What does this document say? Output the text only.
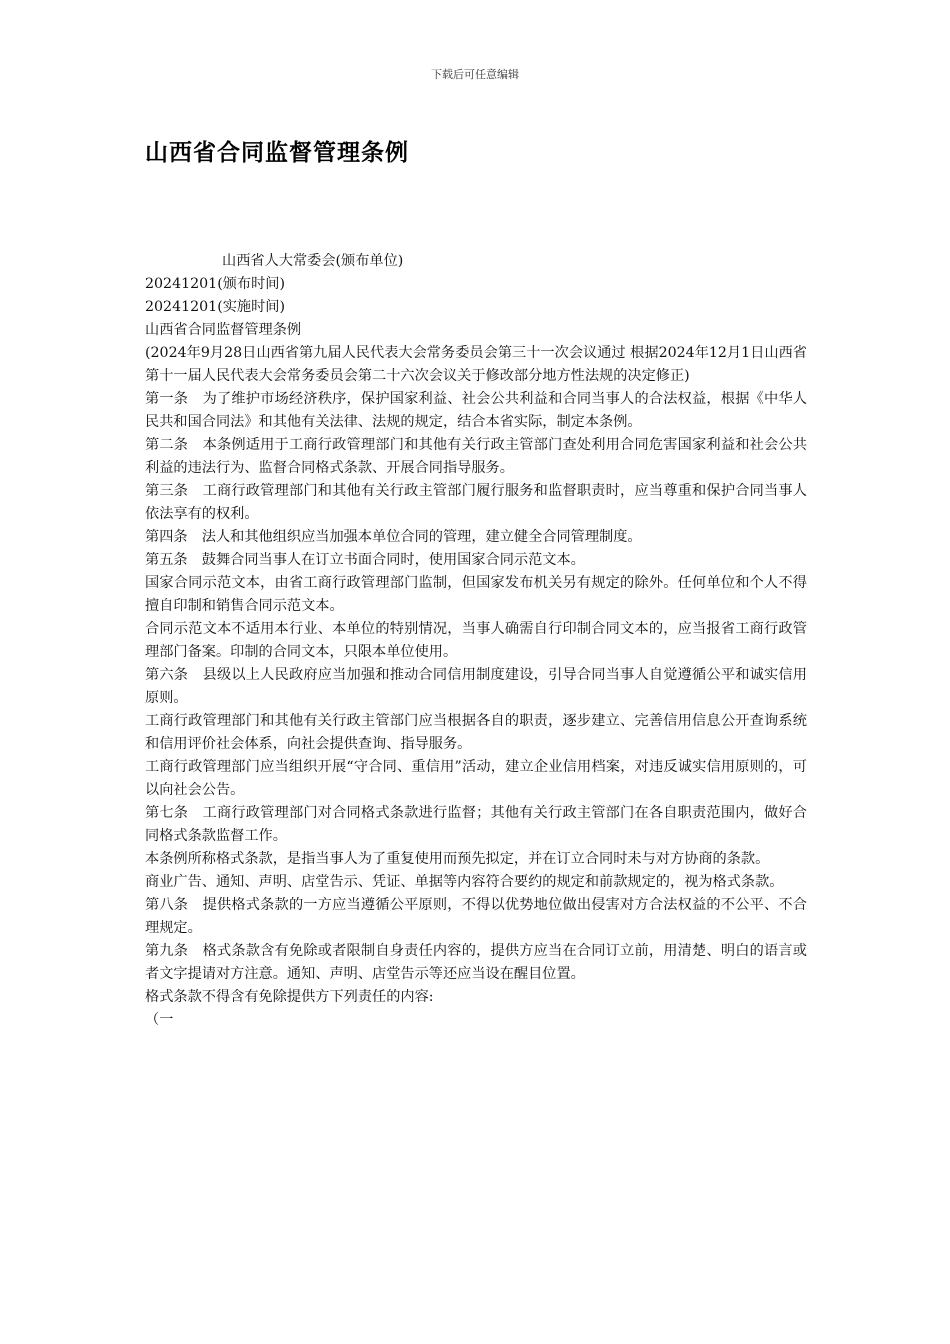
下载后可任意编辑
山西省合同监督管理条例

山西省人大常委会(颁布单位)

20241201(颁布时间)

20241201(实施时间)

山西省合同监督管理条例

(2024年9月28日山西省第九届人民代表大会常务委员会第三十一次会议通过 根据2024年12月1日山西省第十一届人民代表大会常务委员会第二十六次会议关于修改部分地方性法规的决定修正)

第一条　为了维护市场经济秩序，保护国家利益、社会公共利益和合同当事人的合法权益，根据《中华人民共和国合同法》和其他有关法律、法规的规定，结合本省实际，制定本条例。

第二条　本条例适用于工商行政管理部门和其他有关行政主管部门查处利用合同危害国家利益和社会公共利益的违法行为、监督合同格式条款、开展合同指导服务。

第三条　工商行政管理部门和其他有关行政主管部门履行服务和监督职责时，应当尊重和保护合同当事人依法享有的权利。

第四条　法人和其他组织应当加强本单位合同的管理，建立健全合同管理制度。

第五条　鼓舞合同当事人在订立书面合同时，使用国家合同示范文本。

国家合同示范文本，由省工商行政管理部门监制，但国家发布机关另有规定的除外。任何单位和个人不得擅自印制和销售合同示范文本。

合同示范文本不适用本行业、本单位的特别情况，当事人确需自行印制合同文本的，应当报省工商行政管理部门备案。印制的合同文本，只限本单位使用。

第六条　县级以上人民政府应当加强和推动合同信用制度建设，引导合同当事人自觉遵循公平和诚实信用原则。

工商行政管理部门和其他有关行政主管部门应当根据各自的职责，逐步建立、完善信用信息公开查询系统和信用评价社会体系，向社会提供查询、指导服务。

工商行政管理部门应当组织开展“守合同、重信用”活动，建立企业信用档案，对违反诚实信用原则的，可以向社会公告。

第七条　工商行政管理部门对合同格式条款进行监督；其他有关行政主管部门在各自职责范围内，做好合同格式条款监督工作。

本条例所称格式条款，是指当事人为了重复使用而预先拟定，并在订立合同时未与对方协商的条款。

商业广告、通知、声明、店堂告示、凭证、单据等内容符合要约的规定和前款规定的，视为格式条款。

第八条　提供格式条款的一方应当遵循公平原则，不得以优势地位做出侵害对方合法权益的不公平、不合理规定。

第九条　格式条款含有免除或者限制自身责任内容的，提供方应当在合同订立前，用清楚、明白的语言或者文字提请对方注意。通知、声明、店堂告示等还应当设在醒目位置。

格式条款不得含有免除提供方下列责任的内容:

（一
